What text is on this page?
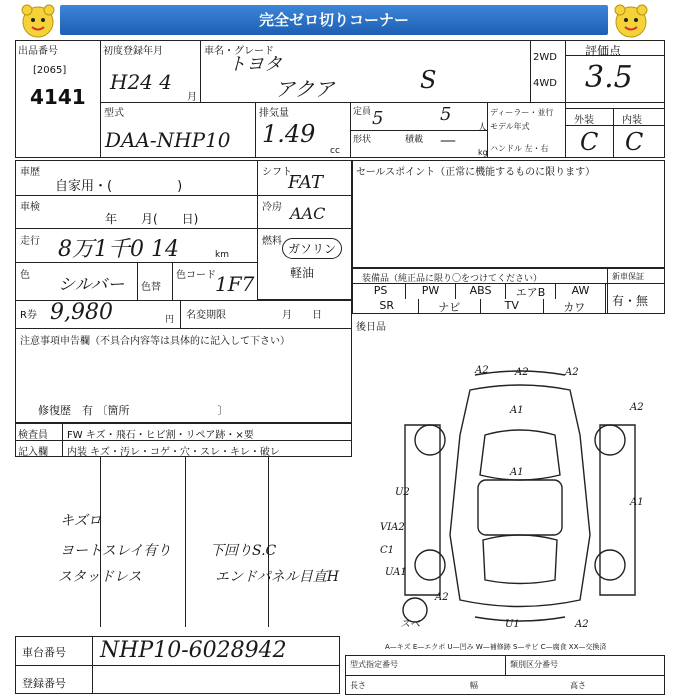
完全ゼロ切りコーナー
出品番号
[2065]
4141
初度登録年月
H24 4
月
車名・グレード
トヨタ
アクア	S
2WD
4WD
評価点
3.5
型式
DAA-NHP10
排気量
1.49
cc
定員	5
人
形状
5
積載 —
kg
ディーラー・並行
モデル年式
ハンドル 左・右
外装	内装
C C
車歴
自家用・(　　　　　)
車検
年　　月(　　日)
走行 8万1千0 14	km
色 シルバー 色替
色コード 1F7
R券 9,980	円 名変期限	月　　日
注意事項申告欄（不具合内容等は具体的に記入して下さい）
修復歴　有 〔箇所　　　　　　　　〕
検査員
記入欄
FW キズ・飛石・ヒビ割・リペア跡・×要
内装 キズ・汚レ・コゲ・穴・スレ・キレ・破レ
キズロ
ヨートスレイ有り
スタッドレス
下回りS.C
エンドパネル目直H
シフト
FAT
冷房 AAC
燃料
ガソリン
軽油
セールスポイント（正常に機能するものに限ります）
装備品（純正品に限り〇をつけてください）	新車保証
有・無
PS	PW	ABS	エアB	AW
SR	ナビ	TV	カワ
後日品
A2	A2	A2
A1	A2
A1
U2
VIA2
C1
UA1
A2
A2
U1
A1
スペ
A—キズ E—エクボ U—凹み W—補修跡 S—サビ C—腐食 XX—交換済
車台番号 NHP10-6028942
登録番号
型式指定番号	類別区分番号
長さ	幅	高さ
